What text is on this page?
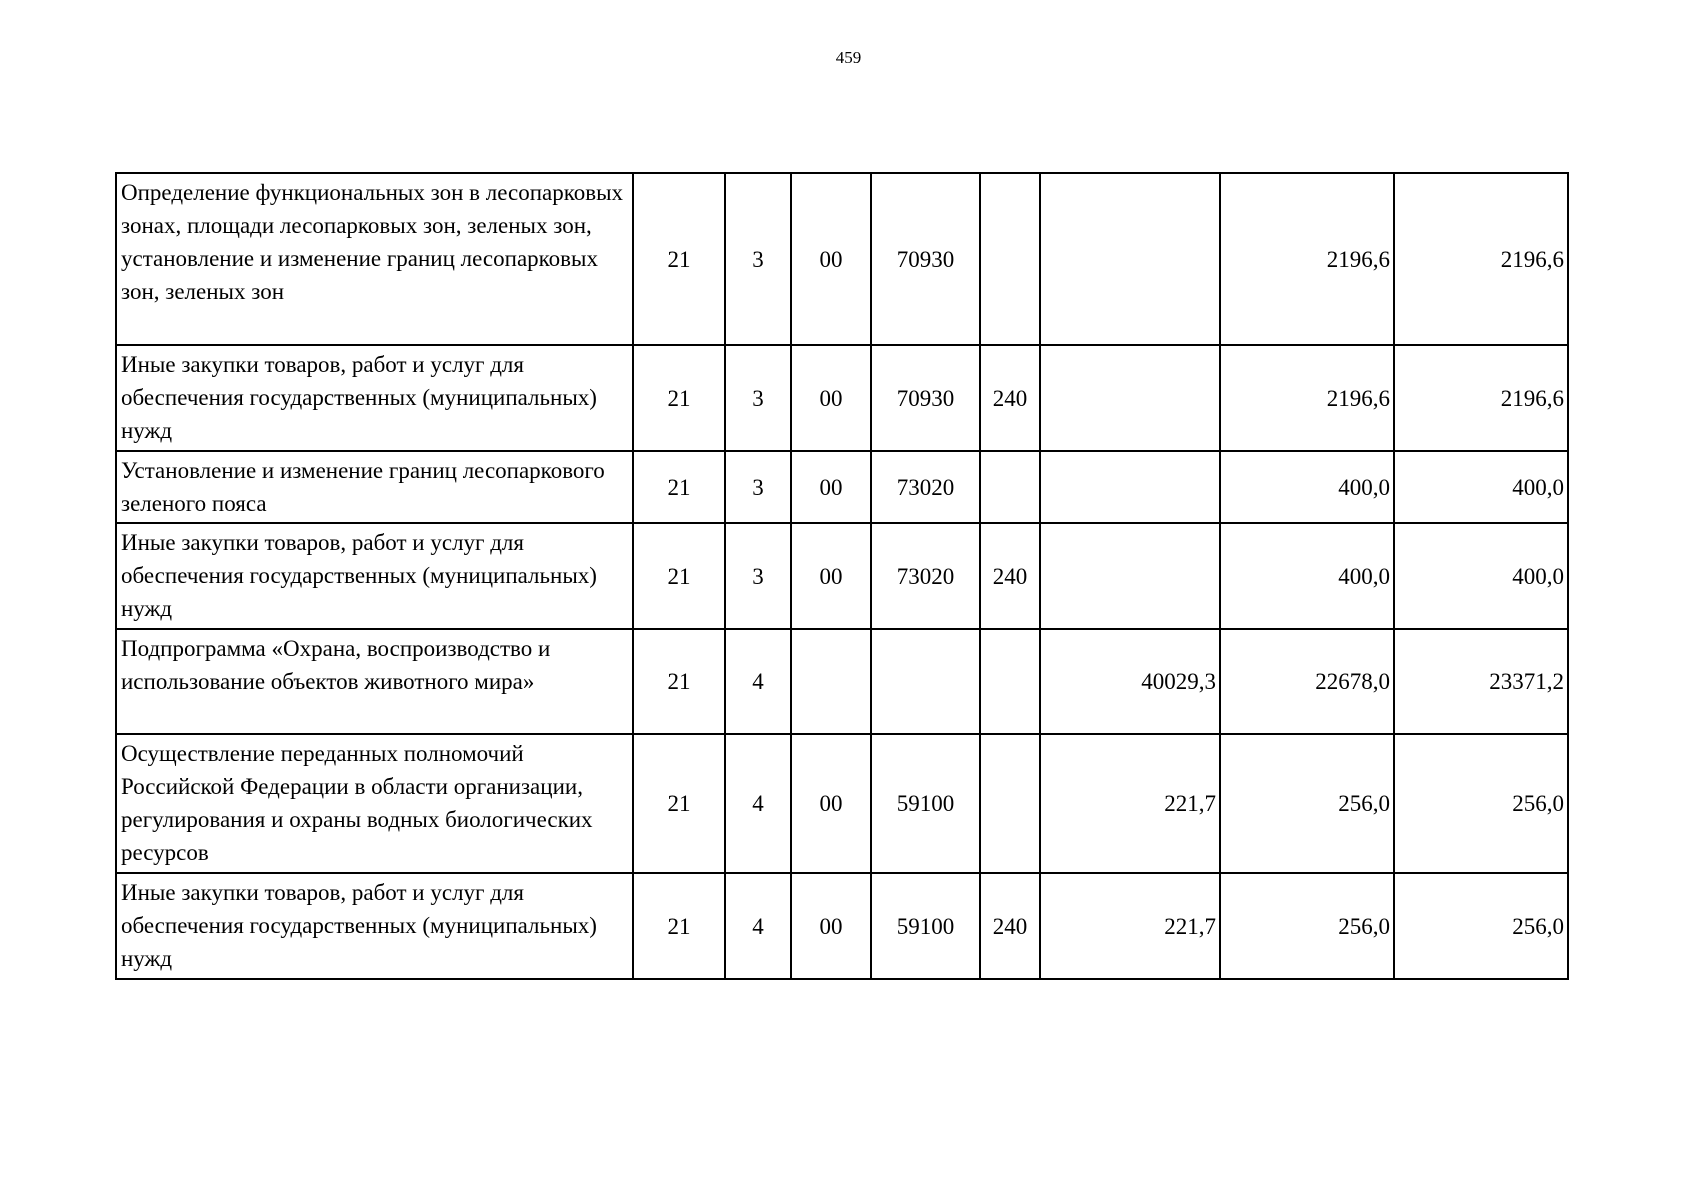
459
Определение функциональных зон в лесопарковых зонах, площади лесопарковых зон, зеленых зон, установление и изменение границ лесопарковых зон, зеленых зон	21	3	00	70930			2196,6	2196,6
Иные закупки товаров, работ и услуг для обеспечения государственных (муниципальных) нужд	21	3	00	70930	240		2196,6	2196,6
Установление и изменение границ лесопаркового зеленого пояса	21	3	00	73020			400,0	400,0
Иные закупки товаров, работ и услуг для обеспечения государственных (муниципальных) нужд	21	3	00	73020	240		400,0	400,0
Подпрограмма «Охрана, воспроизводство и использование объектов животного мира»	21	4				40029,3	22678,0	23371,2
Осуществление переданных полномочий Российской Федерации в области организации, регулирования и охраны водных биологических ресурсов	21	4	00	59100		221,7	256,0	256,0
Иные закупки товаров, работ и услуг для обеспечения государственных (муниципальных) нужд	21	4	00	59100	240	221,7	256,0	256,0
